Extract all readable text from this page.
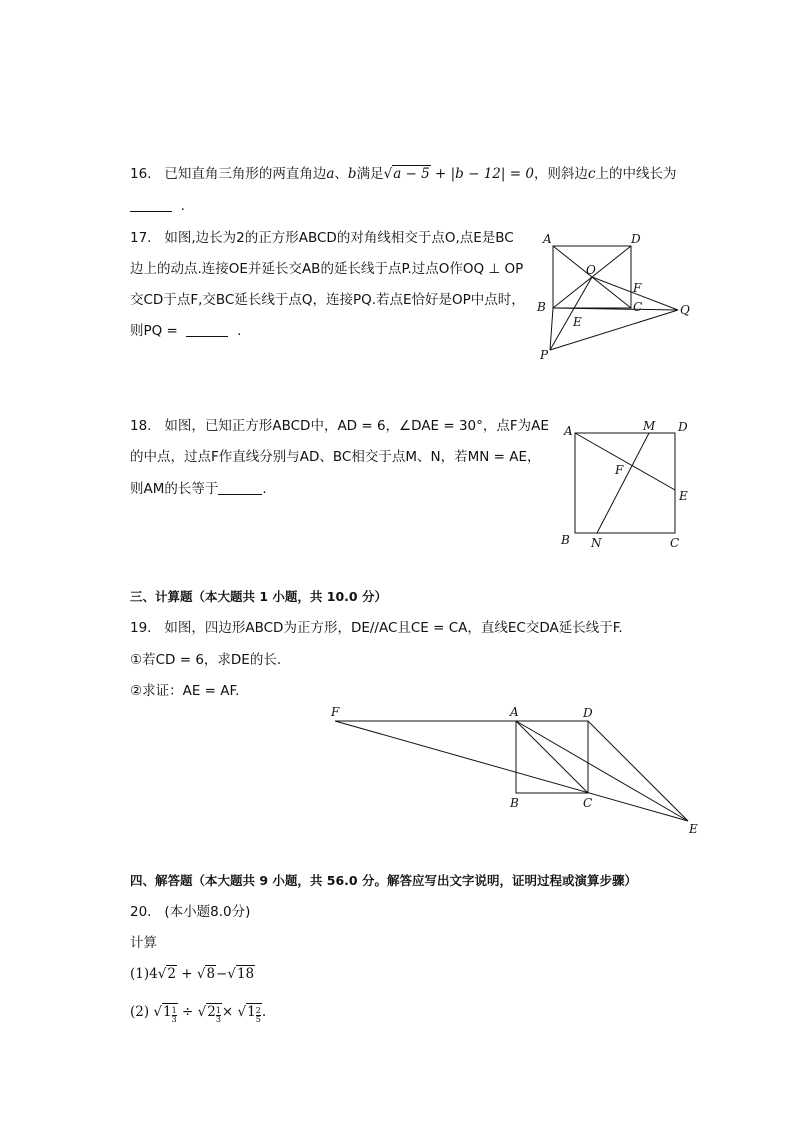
16. 已知直角三角形的两直角边a、b满足√a − 5 + |b − 12| = 0，则斜边c上的中线长为
.
17. 如图,边长为2的正方形ABCD的对角线相交于点O,点E是BC
边上的动点.连接OE并延长交AB的延长线于点P.过点O作OQ ⊥ OP
交CD于点F,交BC延长线于点Q，连接PQ.若点E恰好是OP中点时，
则PQ =	.
A	D
O
F
B	C	Q
E
P
18. 如图，已知正方形ABCD中，AD = 6，∠DAE = 30°，点F为AE
的中点，过点F作直线分别与AD、BC相交于点M、N，若MN = AE，
则AM的长等于	.
A	M D
F
E
B N	C
三、计算题（本大题共 1 小题，共 10.0 分）
19. 如图，四边形ABCD为正方形，DE//AC且CE = CA，直线EC交DA延长线于F.
①若CD = 6，求DE的长.
②求证：AE = AF.
F	A	D
B	C
E
四、解答题（本大题共 9 小题，共 56.0 分。解答应写出文字说明，证明过程或演算步骤）
20. (本小题8.0分)
计算
(1)4√2 + √8−√18
(2) $√1 \frac{1}{3} \div √2 \frac{1}{3} \times √1 \frac{2}{5}$ .
